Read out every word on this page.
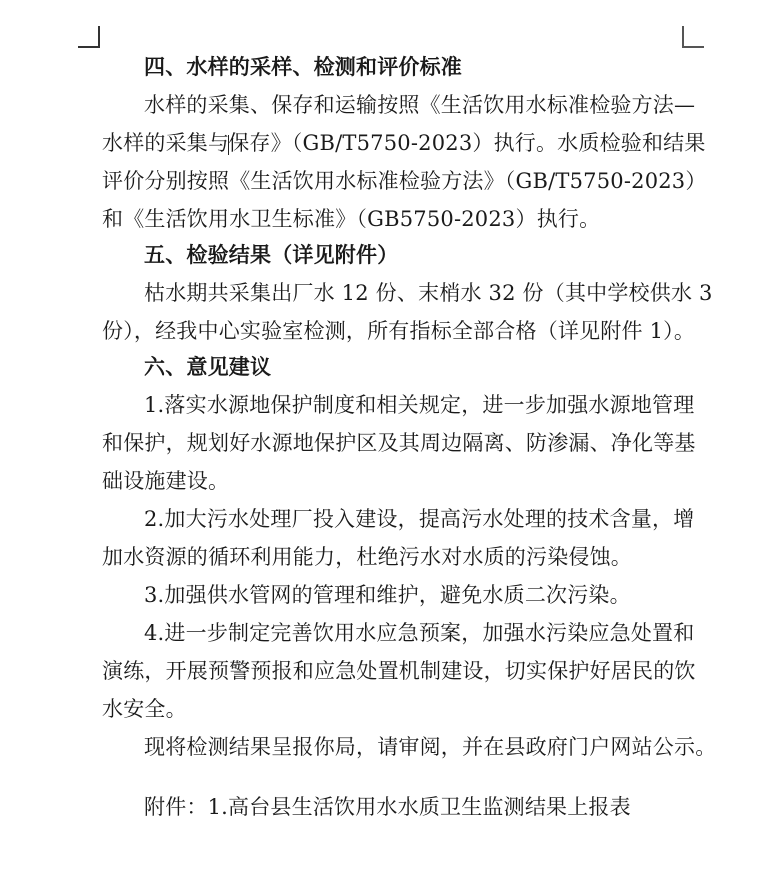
四、水样的采样、检测和评价标准
水样的采集、保存和运输按照《生活饮用水标准检验方法—
水样的采集与保存》（GB/T5750-2023）执行。水质检验和结果
评价分别按照《生活饮用水标准检验方法》（GB/T5750-2023）
和《生活饮用水卫生标准》（GB5750-2023）执行。
五、检验结果（详见附件）
枯水期共采集出厂水 12 份、末梢水 32 份（其中学校供水 3
份），经我中心实验室检测，所有指标全部合格（详见附件 1）。
六、意见建议
1.落实水源地保护制度和相关规定，进一步加强水源地管理
和保护，规划好水源地保护区及其周边隔离、防渗漏、净化等基
础设施建设。
2.加大污水处理厂投入建设，提高污水处理的技术含量，增
加水资源的循环利用能力，杜绝污水对水质的污染侵蚀。
3.加强供水管网的管理和维护，避免水质二次污染。
4.进一步制定完善饮用水应急预案，加强水污染应急处置和
演练，开展预警预报和应急处置机制建设，切实保护好居民的饮
水安全。
现将检测结果呈报你局，请审阅，并在县政府门户网站公示。
附件：1.高台县生活饮用水水质卫生监测结果上报表
